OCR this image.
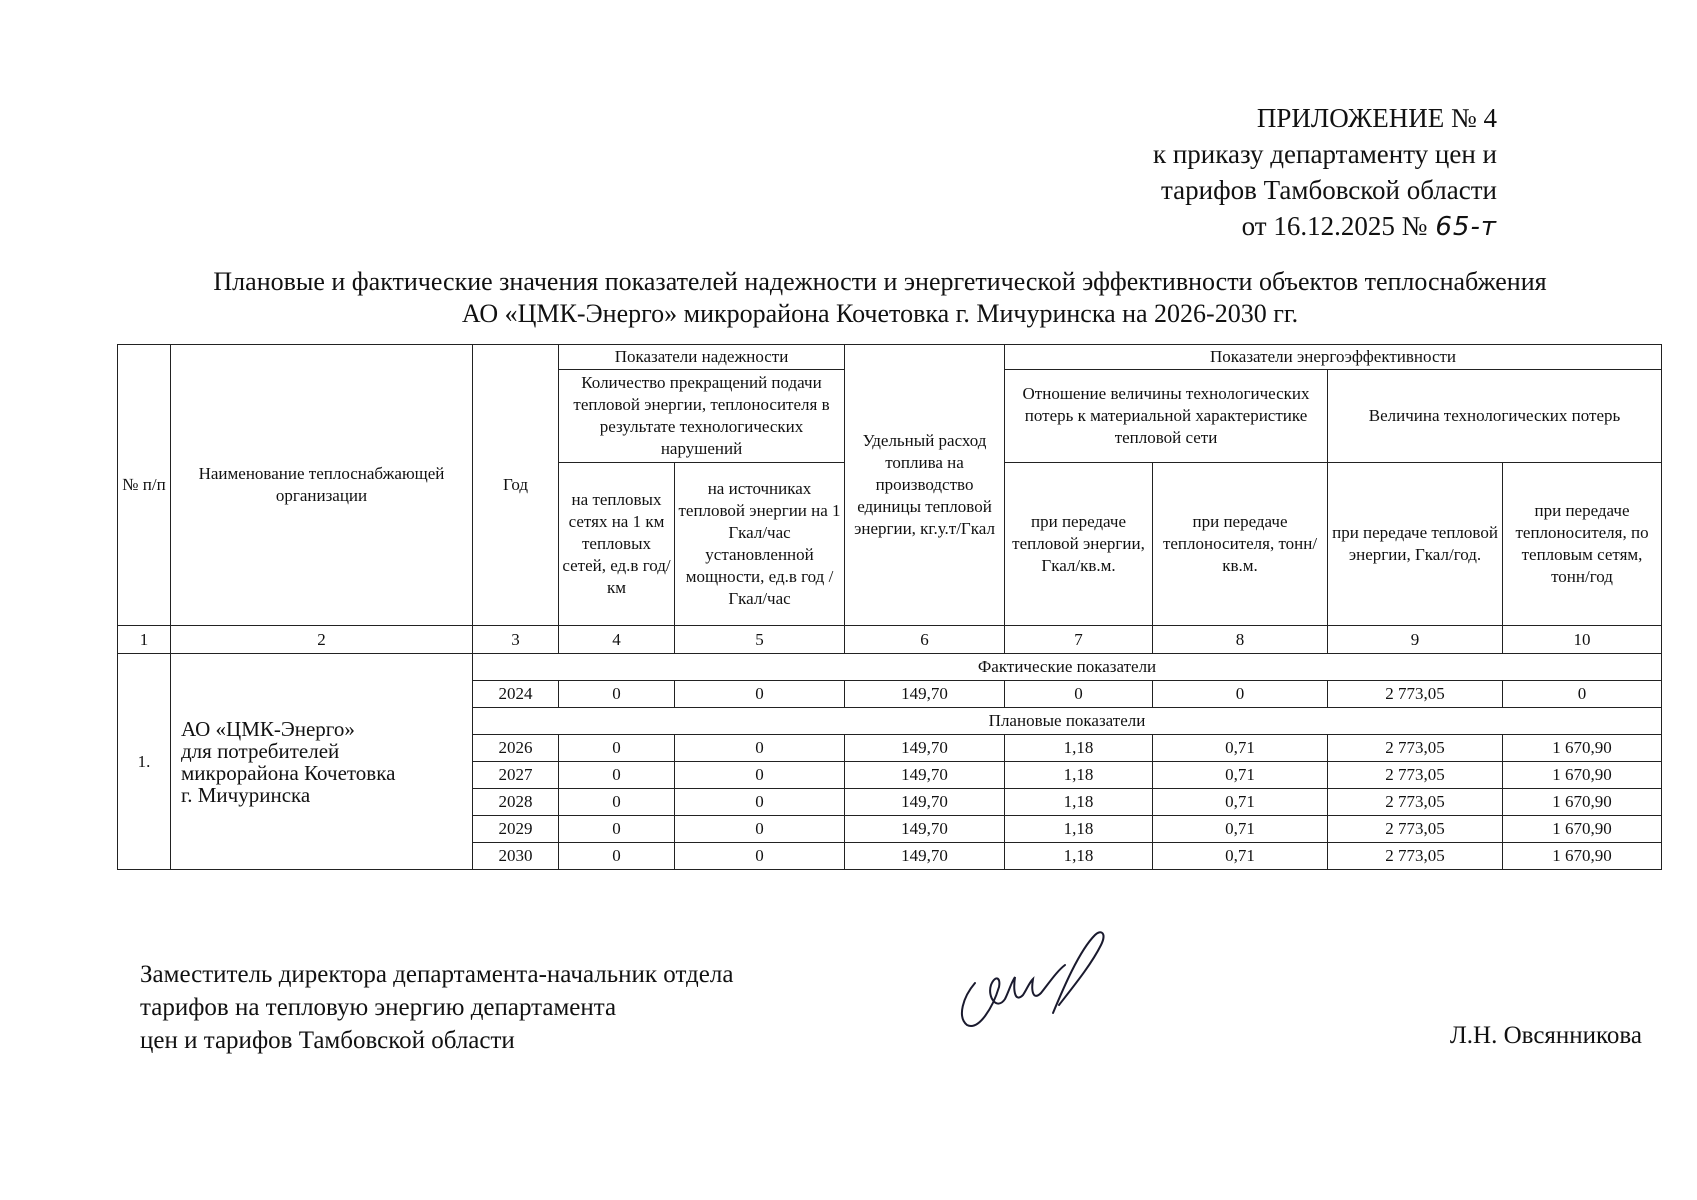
ПРИЛОЖЕНИЕ № 4
к приказу департаменту цен и
тарифов Тамбовской области
от 16.12.2025 № 65-т
Плановые и фактические значения показателей надежности и энергетической эффективности объектов теплоснабжения
АО «ЦМК-Энерго» микрорайона Кочетовка г. Мичуринска на 2026-2030 гг.
№ п/п	Наименование теплоснабжающей организации	Год	Показатели надежности		Удельный расход топлива на производство единицы тепловой энергии, кг.у.т/Гкал	Показатели энергоэффективности			
			Количество прекращений подачи тепловой энергии, теплоносителя в результате технологических нарушений			Отношение величины технологических потерь к материальной характеристике тепловой сети		Величина технологических потерь	
			на тепловых сетях на 1 км тепловых сетей, ед.в год/км	на источниках тепловой энергии на 1 Гкал/час установленной мощности, ед.в год /Гкал/час					
						при передаче тепловой энергии, Гкал/кв.м.	при передаче теплоносителя, тонн/кв.м.	при передаче тепловой энергии, Гкал/год.	при передаче теплоносителя, по тепловым сетям, тонн/год
1	2	3	4	5	6	7	8	9	10
1.	АО «ЦМК-Энерго»
для потребителей
микрорайона Кочетовка
г. Мичуринска	Фактические показатели							
		2024	0	0	149,70	0	0	2 773,05	0
		Плановые показатели							
		2026	0	0	149,70	1,18	0,71	2 773,05	1 670,90
		2027	0	0	149,70	1,18	0,71	2 773,05	1 670,90
		2028	0	0	149,70	1,18	0,71	2 773,05	1 670,90
		2029	0	0	149,70	1,18	0,71	2 773,05	1 670,90
		2030	0	0	149,70	1,18	0,71	2 773,05	1 670,90
Заместитель директора департамента-начальник отдела
тарифов на тепловую энергию департамента
цен и тарифов Тамбовской области	Л.Н. Овсянникова
